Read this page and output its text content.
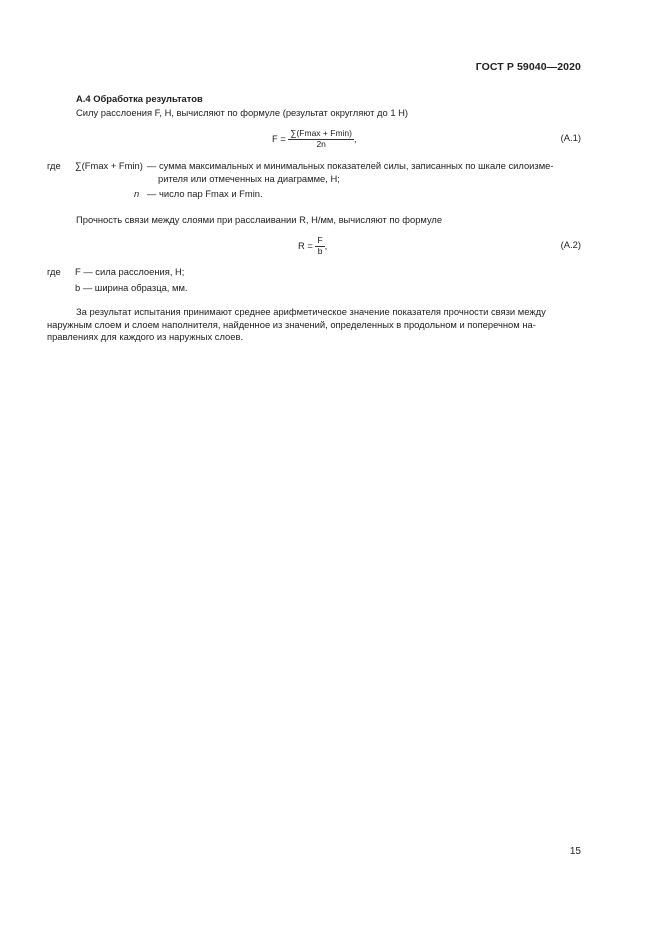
ГОСТ Р 59040—2020
А.4 Обработка результатов
Силу расслоения F, Н, вычисляют по формуле (результат округляют до 1 Н)
$F = \frac{\sum(Fmax + Fmin)}{2n}$ ,	(А.1)
где ∑(Fmax + Fmin) — сумма максимальных и минимальных показателей силы, записанных по шкале силоизме-
рителя или отмеченных на диаграмме, Н;
n — число пар Fmax и Fmin.
Прочность связи между слоями при расслаивании R, Н/мм, вычисляют по формуле
$R = \frac{F}{b}$ ,	(А.2)
где F — сила расслоения, Н;
b — ширина образца, мм.
За результат испытания принимают среднее арифметическое значение показателя прочности связи между
наружным слоем и слоем наполнителя, найденное из значений, определенных в продольном и поперечном на-
правлениях для каждого из наружных слоев.
15
